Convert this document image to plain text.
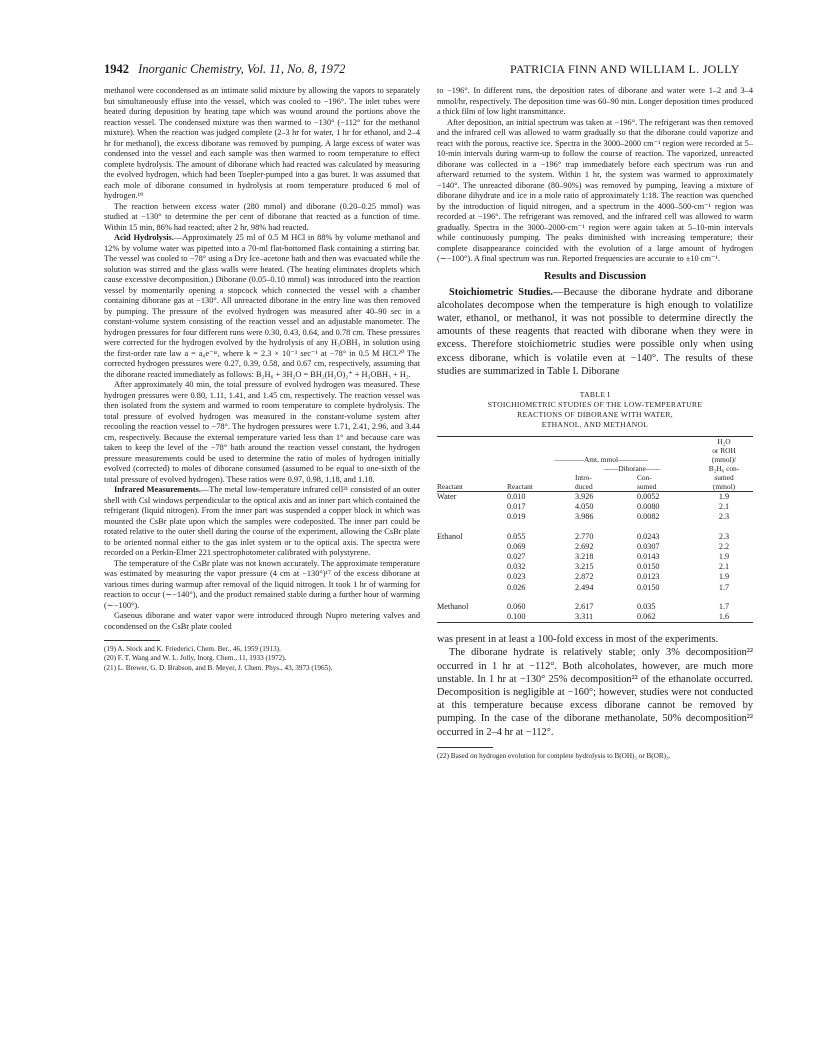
1942 Inorganic Chemistry, Vol. 11, No. 8, 1972	PATRICIA FINN AND WILLIAM L. JOLLY

methanol were cocondensed as an intimate solid mixture by allowing the vapors to separately but simultaneously effuse into the vessel, which was cooled to −196°. The inlet tubes were heated during deposition by heating tape which was wound around the portions above the reaction vessel. The condensed mixture was then warmed to −130° (−112° for the methanol mixture). When the reaction was judged complete (2–3 hr for water, 1 hr for ethanol, and 2–4 hr for methanol), the excess diborane was removed by pumping. A large excess of water was condensed into the vessel and each sample was then warmed to room temperature to effect complete hydrolysis. The amount of diborane which had reacted was calculated by measuring the evolved hydrogen, which had been Toepler-pumped into a gas buret. It was assumed that each mole of diborane consumed in hydrolysis at room temperature produced 6 mol of hydrogen.¹⁹

The reaction between excess water (280 mmol) and diborane (0.20–0.25 mmol) was studied at −130° to determine the per cent of diborane that reacted as a function of time. Within 15 min, 86% had reacted; after 2 hr, 98% had reacted.

Acid Hydrolysis.—Approximately 25 ml of 0.5 M HCl in 88% by volume methanol and 12% by volume water was pipetted into a 70-ml flat-bottomed flask containing a stirring bar. The vessel was cooled to −78° using a Dry Ice–acetone bath and then was evacuated while the solution was stirred and the glass walls were heated. (The heating eliminates droplets which cause excessive decomposition.) Diborane (0.05–0.10 mmol) was introduced into the reaction vessel by momentarily opening a stopcock which connected the vessel with a chamber containing diborane gas at −130°. All unreacted diborane in the entry line was then removed by pumping. The pressure of the evolved hydrogen was measured after 40–90 sec in a constant-volume system consisting of the reaction vessel and an adjustable manometer. The hydrogen pressures for four different runs were 0.30, 0.43, 0.64, and 0.78 cm. These pressures were corrected for the hydrogen evolved by the hydrolysis of any H₃OBH₃ in solution using the first-order rate law a = a₀e⁻ᵏᵗ, where k = 2.3 × 10⁻³ sec⁻¹ at −78° in 0.5 M HCl.²⁰ The corrected hydrogen pressures were 0.27, 0.39, 0.58, and 0.67 cm, respectively, assuming that the diborane reacted immediately as follows: B₂H₆ + 3H₂O = BH₂(H₂O)₂⁺ + H₃OBH₃ + H₂.

After approximately 40 min, the total pressure of evolved hydrogen was measured. These hydrogen pressures were 0.80, 1.11, 1.41, and 1.45 cm, respectively. The reaction vessel was then isolated from the system and warmed to room temperature to complete hydrolysis. The total pressure of evolved hydrogen was measured in the constant-volume system after recooling the reaction vessel to −78°. The hydrogen pressures were 1.71, 2.41, 2.96, and 3.44 cm, respectively. Because the external temperature varied less than 1° and because care was taken to keep the level of the −78° bath around the reaction vessel constant, the hydrogen pressure measurements could be used to determine the ratio of moles of hydrogen initially evolved (corrected) to moles of diborane consumed (assumed to be equal to one-sixth of the total pressure of evolved hydrogen). These ratios were 0.97, 0.98, 1.18, and 1.18.

Infrared Measurements.—The metal low-temperature infrared cell²¹ consisted of an outer shell with CsI windows perpendicular to the optical axis and an inner part which contained the refrigerant (liquid nitrogen). From the inner part was suspended a copper block in which was mounted the CsBr plate upon which the samples were codeposited. The inner part could be rotated relative to the outer shell during the course of the experiment, allowing the CsBr plate to be oriented normal either to the gas inlet system or to the optical axis. The spectra were recorded on a Perkin-Elmer 221 spectrophotometer calibrated with polystyrene.

The temperature of the CsBr plate was not known accurately. The approximate temperature was estimated by measuring the vapor pressure (4 cm at −130°)¹⁷ of the excess diborane at various times during warmup after removal of the liquid nitrogen. It took 1 hr of warming for reaction to occur (∼−140°), and the product remained stable during a further hour of warming (∼−100°).

Gaseous diborane and water vapor were introduced through Nupro metering valves and cocondensed on the CsBr plate cooled

(19) A. Stock and K. Friederici, Chem. Ber., 46, 1959 (1913).
(20) F. T. Wang and W. L. Jolly, Inorg. Chem., 11, 1933 (1972).
(21) L. Brewer, G. D. Brabson, and B. Meyer, J. Chem. Phys., 43, 3973 (1965).

to −196°. In different runs, the deposition rates of diborane and water were 1–2 and 3–4 mmol/hr, respectively. The deposition time was 60–90 min. Longer deposition times produced a thick film of low light transmittance.

After deposition, an initial spectrum was taken at −196°. The refrigerant was then removed and the infrared cell was allowed to warm gradually so that the diborane could vaporize and react with the porous, reactive ice. Spectra in the 3000–2000 cm⁻¹ region were recorded at 5–10-min intervals during warm-up to follow the course of reaction. The vaporized, unreacted diborane was collected in a −196° trap immediately before each spectrum was run and afterward returned to the system. Within 1 hr, the system was warmed to approximately −140°. The unreacted diborane (80–90%) was removed by pumping, leaving a mixture of diborane dihydrate and ice in a mole ratio of approximately 1:18. The reaction was quenched by the introduction of liquid nitrogen, and a spectrum in the 4000–500-cm⁻¹ region was recorded at −196°. The refrigerant was removed, and the infrared cell was allowed to warm gradually. Spectra in the 3000–2000-cm⁻¹ region were again taken at 5–10-min intervals while continuously pumping. The peaks diminished with increasing temperature; their complete disappearance coincided with the evolution of a large amount of hydrogen (∼−100°). A final spectrum was run. Reported frequencies are accurate to ±10 cm⁻¹.

Results and Discussion

Stoichiometric Studies.—Because the diborane hydrate and diborane alcoholates decompose when the temperature is high enough to volatilize water, ethanol, or methanol, it was not possible to determine directly the amounts of these reagents that reacted with diborane when they were in excess. Therefore stoichiometric studies were possible only when using excess diborane, which is volatile even at −140°. The results of these studies are summarized in Table I. Diborane

TABLE I
STOICHIOMETRIC STUDIES OF THE LOW-TEMPERATURE
REACTIONS OF DIBORANE WITH WATER,
ETHANOL, AND METHANOL
				H₂O
				or ROH
	————Amt, mmol————			(mmol)/
		——Diborane——		B₂H₆ con-
		Intro-	Con-	sumed
Reactant	Reactant	duced	sumed	(mmol)
Water	0.010	3.926	0.0052	1.9
	0.017	4.050	0.0080	2.1
	0.019	3.986	0.0082	2.3

Ethanol	0.055	2.770	0.0243	2.3
	0.069	2.692	0.0307	2.2
	0.027	3.218	0.0143	1.9
	0.032	3.215	0.0150	2.1
	0.023	2.872	0.0123	1.9
	0.026	2.494	0.0150	1.7

Methanol	0.060	2.617	0.035	1.7
	0.100	3.311	0.062	1.6

was present in at least a 100-fold excess in most of the experiments.

The diborane hydrate is relatively stable; only 3% decomposition²² occurred in 1 hr at −112°. Both alcoholates, however, are much more unstable. In 1 hr at −130° 25% decomposition²² of the ethanolate occurred. Decomposition is negligible at −160°; however, studies were not conducted at this temperature because excess diborane cannot be removed by pumping. In the case of the diborane methanolate, 50% decomposition²² occurred in 2–4 hr at −112°.

(22) Based on hydrogen evolution for complete hydrolysis to B(OH)₃ or B(OR)₃.
